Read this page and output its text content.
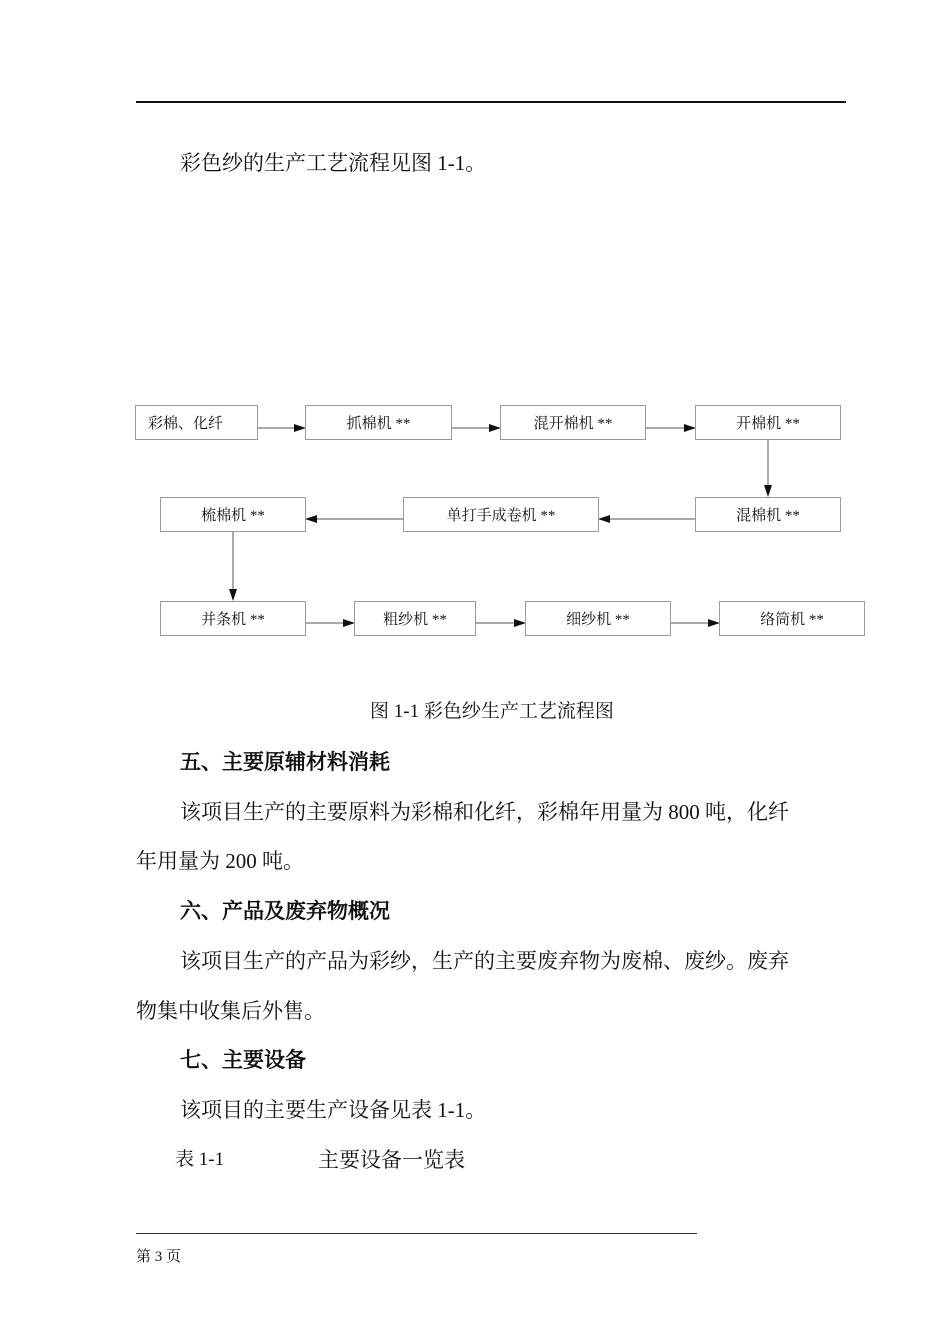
彩色纱的生产工艺流程见图 1-1。
彩棉、化纤	抓棉机 **	混开棉机 **	开棉机 **
混棉机 **
单打手成卷机 **
梳棉机 **
并条机 **	粗纱机 **	细纱机 **	络筒机 **
图 1-1 彩色纱生产工艺流程图
五、主要原辅材料消耗
该项目生产的主要原料为彩棉和化纤，彩棉年用量为 800 吨，化纤
年用量为 200 吨。
六、产品及废弃物概况
该项目生产的产品为彩纱，生产的主要废弃物为废棉、废纱。废弃
物集中收集后外售。
七、主要设备
该项目的主要生产设备见表 1-1。
表 1-1	主要设备一览表
第 3 页
